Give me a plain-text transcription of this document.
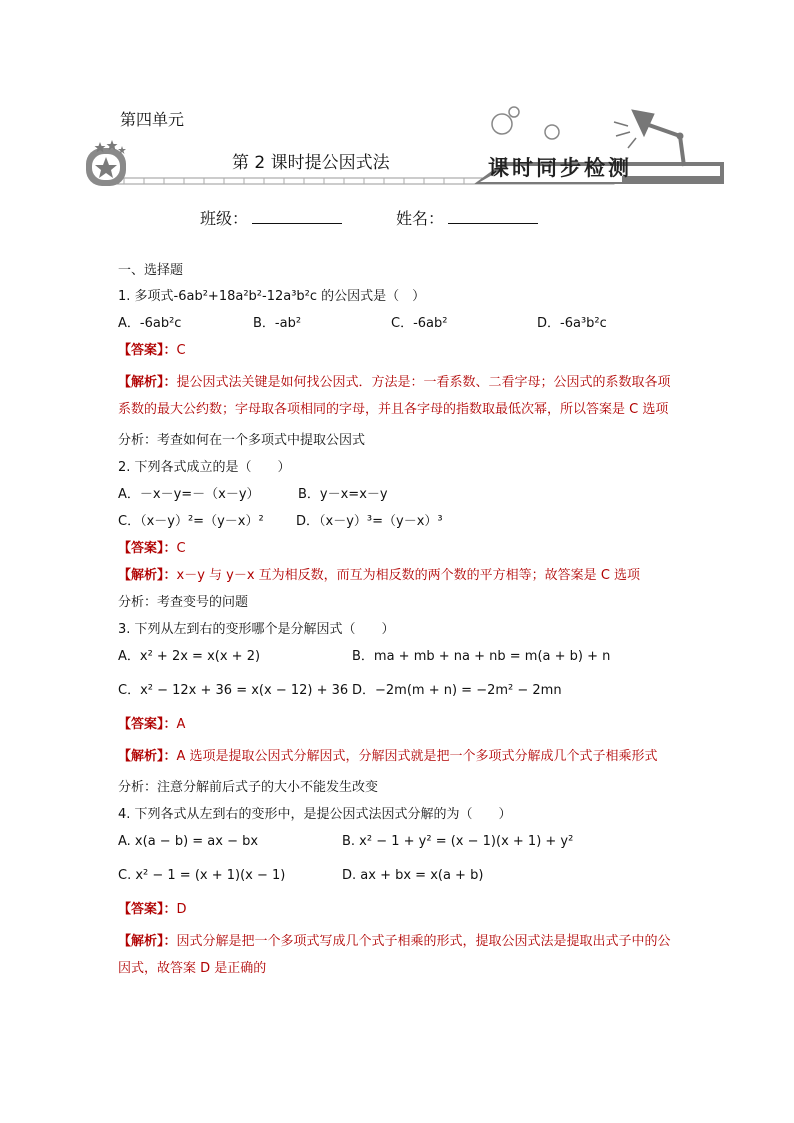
第四单元
第 2 课时提公因式法	课时同步检测
班级：	姓名：
一、选择题
1. 多项式-6ab²+18a²b²-12a³b²c 的公因式是（　）
A．-6ab²c	B．-ab²	C．-6ab²	D．-6a³b²c
【答案】：C
【解析】：提公因式法关键是如何找公因式．方法是：一看系数、二看字母；公因式的系数取各项系数的最大公约数；字母取各项相同的字母，并且各字母的指数取最低次幂，所以答案是 C 选项
分析：考查如何在一个多项式中提取公因式
2. 下列各式成立的是（　　）
A．－x－y=－（x－y）	B．y－x=x－y
C．（x－y）²=（y－x）²	D．（x－y）³=（y－x）³
【答案】：C
【解析】：x－y 与 y－x 互为相反数，而互为相反数的两个数的平方相等；故答案是 C 选项
分析：考查变号的问题
3. 下列从左到右的变形哪个是分解因式（　　）
A．x² + 2x = x(x + 2)	B．ma + mb + na + nb = m(a + b) + n
C．x² − 12x + 36 = x(x − 12) + 36 D．−2m(m + n) = −2m² − 2mn
【答案】：A
【解析】：A 选项是提取公因式分解因式，分解因式就是把一个多项式分解成几个式子相乘形式
分析：注意分解前后式子的大小不能发生改变
4. 下列各式从左到右的变形中，是提公因式法因式分解的为（　　）
A. x(a − b) = ax − bx	B. x² − 1 + y² = (x − 1)(x + 1) + y²
C. x² − 1 = (x + 1)(x − 1)	D. ax + bx = x(a + b)
【答案】：D
【解析】：因式分解是把一个多项式写成几个式子相乘的形式，提取公因式法是提取出式子中的公因式，故答案 D 是正确的
